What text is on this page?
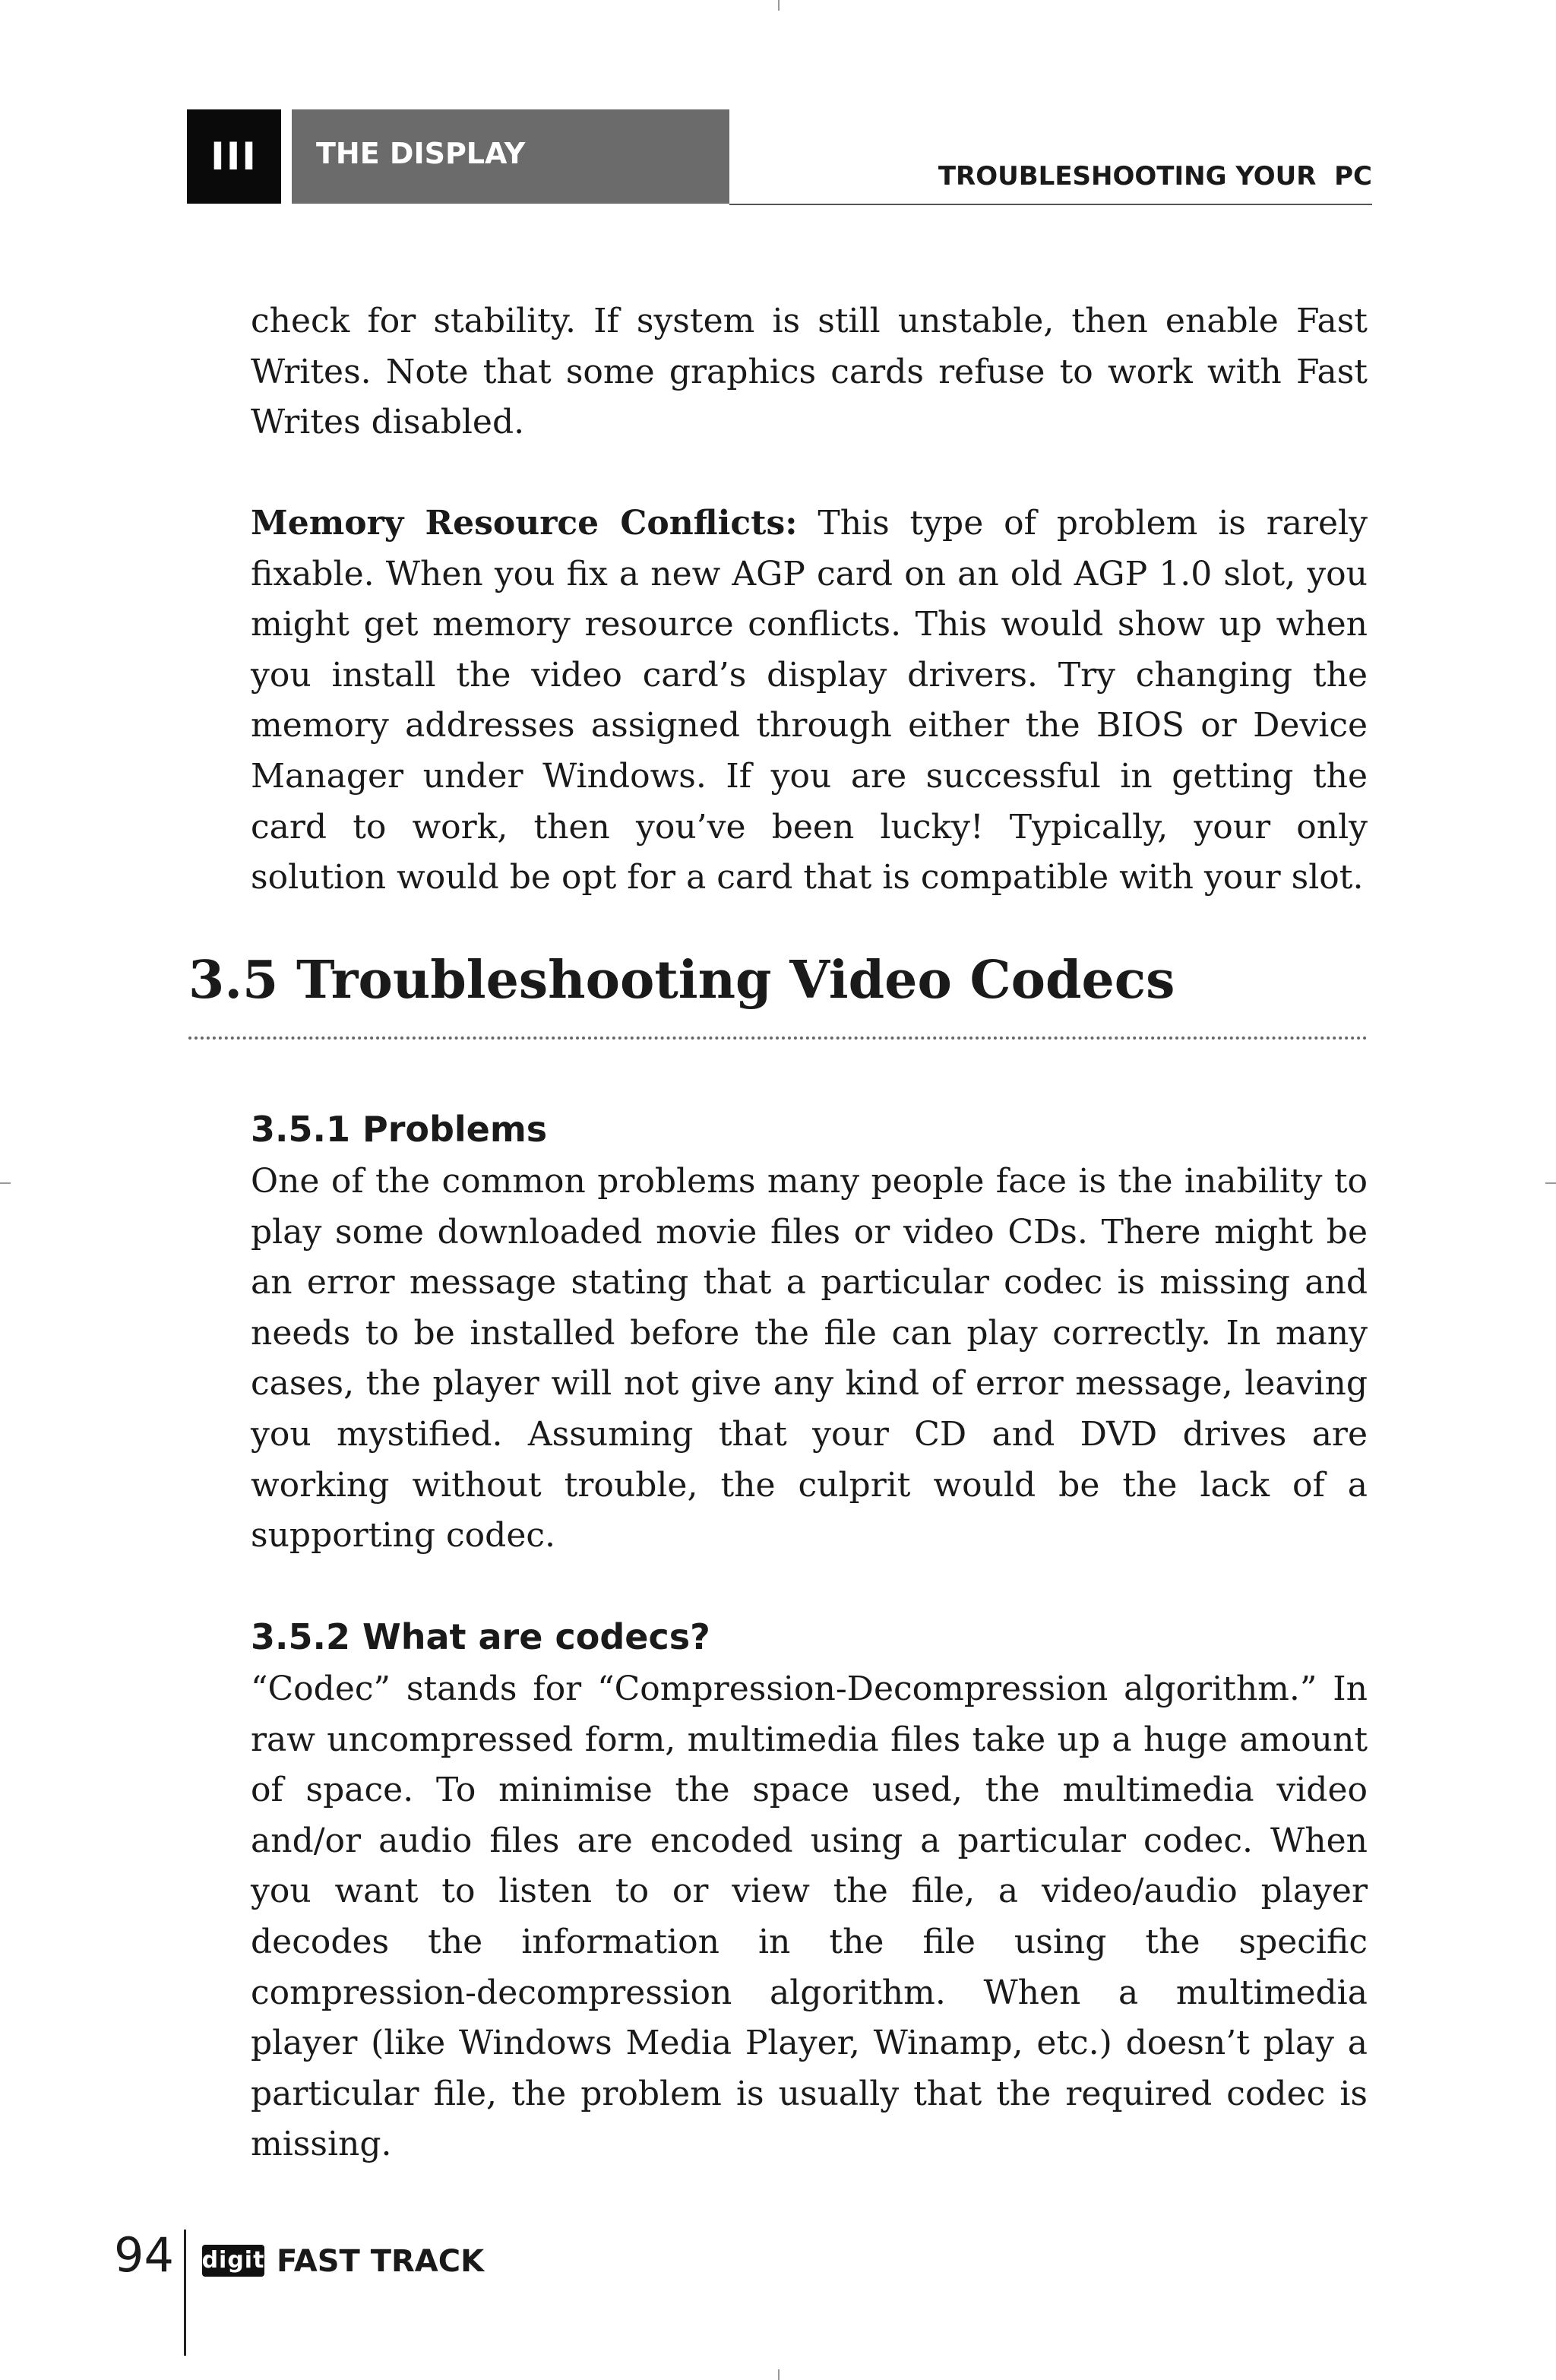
III	THE DISPLAY
TROUBLESHOOTING YOUR  PC

check for stability. If system is still unstable, then enable Fast Writes. Note that some graphics cards refuse to work with Fast Writes disabled.

Memory Resource Conflicts: This type of problem is rarely fixable. When you fix a new AGP card on an old AGP 1.0 slot, you might get memory resource conflicts. This would show up when you install the video card’s display drivers. Try changing the memory addresses assigned through either the BIOS or Device Manager under Windows. If you are successful in getting the card to work, then you’ve been lucky! Typically, your only solution would be opt for a card that is compatible with your slot.

3.5 Troubleshooting Video Codecs
3.5.1 Problems

One of the common problems many people face is the inability to play some downloaded movie files or video CDs. There might be an error message stating that a particular codec is missing and needs to be installed before the file can play correctly. In many cases, the player will not give any kind of error message, leaving you mystified. Assuming that your CD and DVD drives are working without trouble, the culprit would be the lack of a supporting codec.

3.5.2 What are codecs?

“Codec” stands for “Compression-Decompression algorithm.” In raw uncompressed form, multimedia files take up a huge amount of space. To minimise the space used, the multimedia video and/or audio files are encoded using a particular codec. When you want to listen to or view the file, a video/audio player decodes the information in the file using the specific compression-decompression algorithm. When a multimedia player (like Windows Media Player, Winamp, etc.) doesn’t play a particular file, the problem is usually that the required codec is missing.

94 digit FAST TRACK
